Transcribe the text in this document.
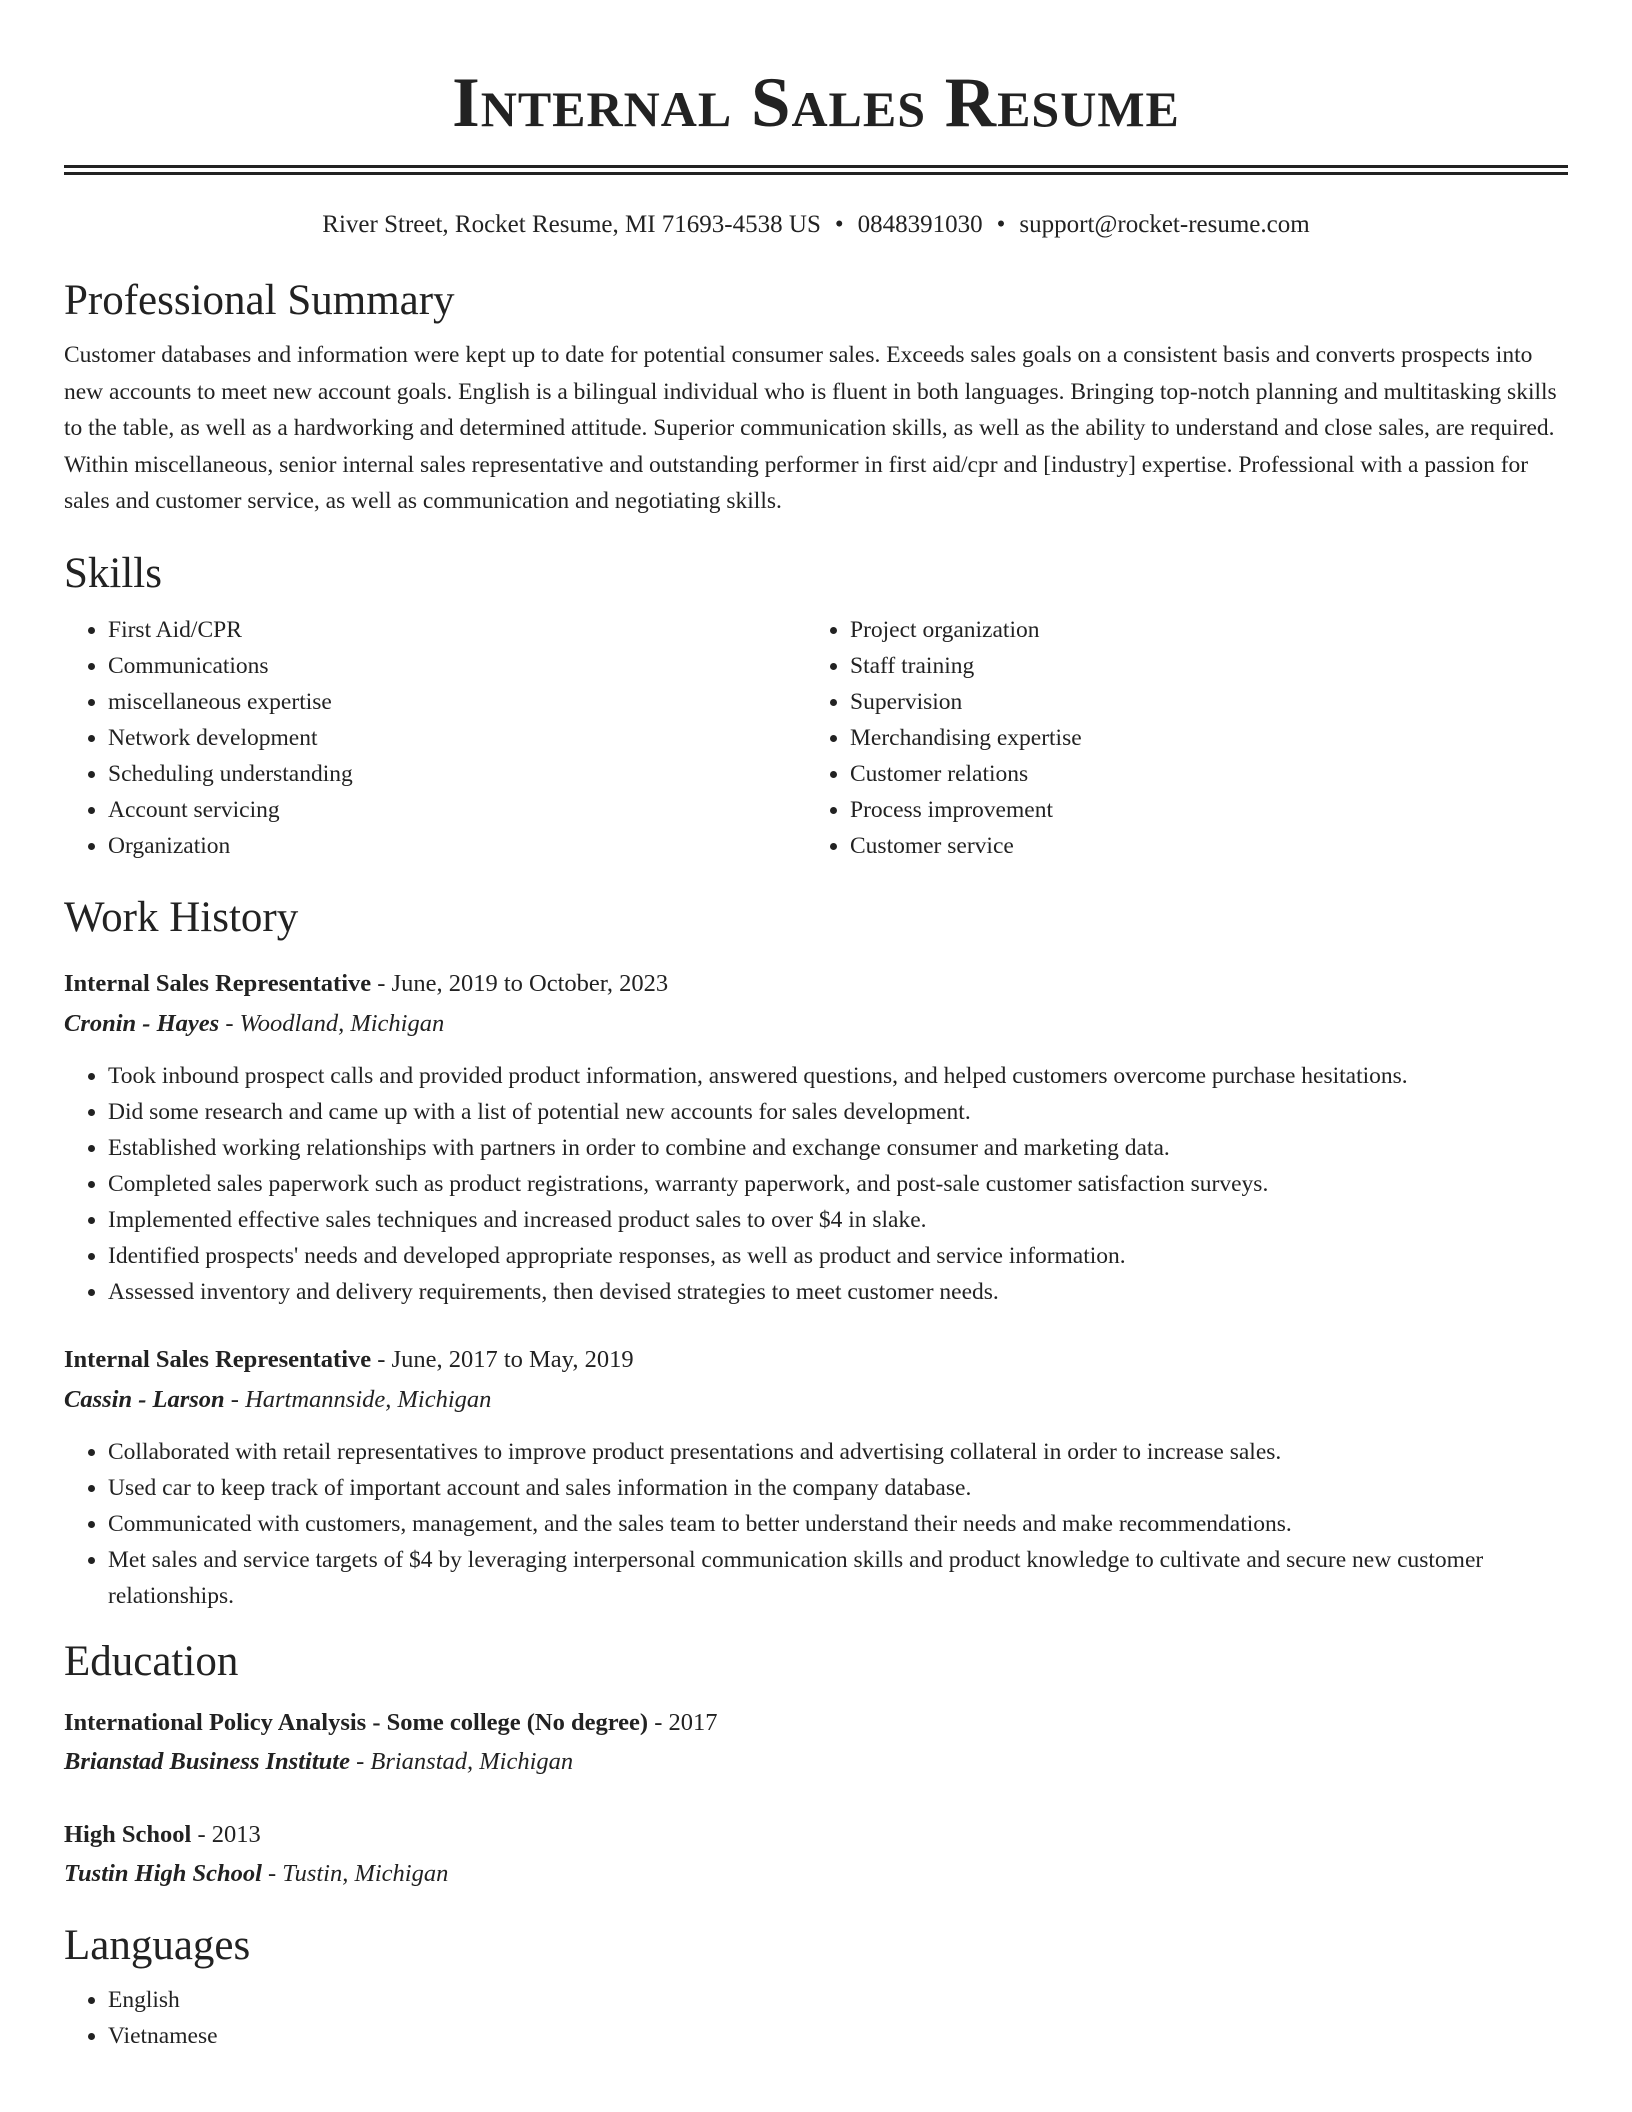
Internal Sales Resume
River Street, Rocket Resume, MI 71693-4538 US • 0848391030 • support@rocket-resume.com
Professional Summary

Customer databases and information were kept up to date for potential consumer sales. Exceeds sales goals on a consistent basis and converts prospects into new accounts to meet new account goals. English is a bilingual individual who is fluent in both languages. Bringing top-notch planning and multitasking skills to the table, as well as a hardworking and determined attitude. Superior communication skills, as well as the ability to understand and close sales, are required. Within miscellaneous, senior internal sales representative and outstanding performer in first aid/cpr and [industry] expertise. Professional with a passion for sales and customer service, as well as communication and negotiating skills.

Skills
• First Aid/CPR
• Communications
• miscellaneous expertise
• Network development
• Scheduling understanding
• Account servicing
• Organization
• Project organization
• Staff training
• Supervision
• Merchandising expertise
• Customer relations
• Process improvement
• Customer service
Work History
Internal Sales Representative - June, 2019 to October, 2023
Cronin - Hayes - Woodland, Michigan
• Took inbound prospect calls and provided product information, answered questions, and helped customers overcome purchase hesitations.
• Did some research and came up with a list of potential new accounts for sales development.
• Established working relationships with partners in order to combine and exchange consumer and marketing data.
• Completed sales paperwork such as product registrations, warranty paperwork, and post-sale customer satisfaction surveys.
• Implemented effective sales techniques and increased product sales to over $4 in slake.
• Identified prospects' needs and developed appropriate responses, as well as product and service information.
• Assessed inventory and delivery requirements, then devised strategies to meet customer needs.
Internal Sales Representative - June, 2017 to May, 2019
Cassin - Larson - Hartmannside, Michigan
• Collaborated with retail representatives to improve product presentations and advertising collateral in order to increase sales.
• Used car to keep track of important account and sales information in the company database.
• Communicated with customers, management, and the sales team to better understand their needs and make recommendations.
• Met sales and service targets of $4 by leveraging interpersonal communication skills and product knowledge to cultivate and secure new customer relationships.
Education
International Policy Analysis - Some college (No degree) - 2017
Brianstad Business Institute - Brianstad, Michigan
High School - 2013
Tustin High School - Tustin, Michigan
Languages
• English
• Vietnamese
